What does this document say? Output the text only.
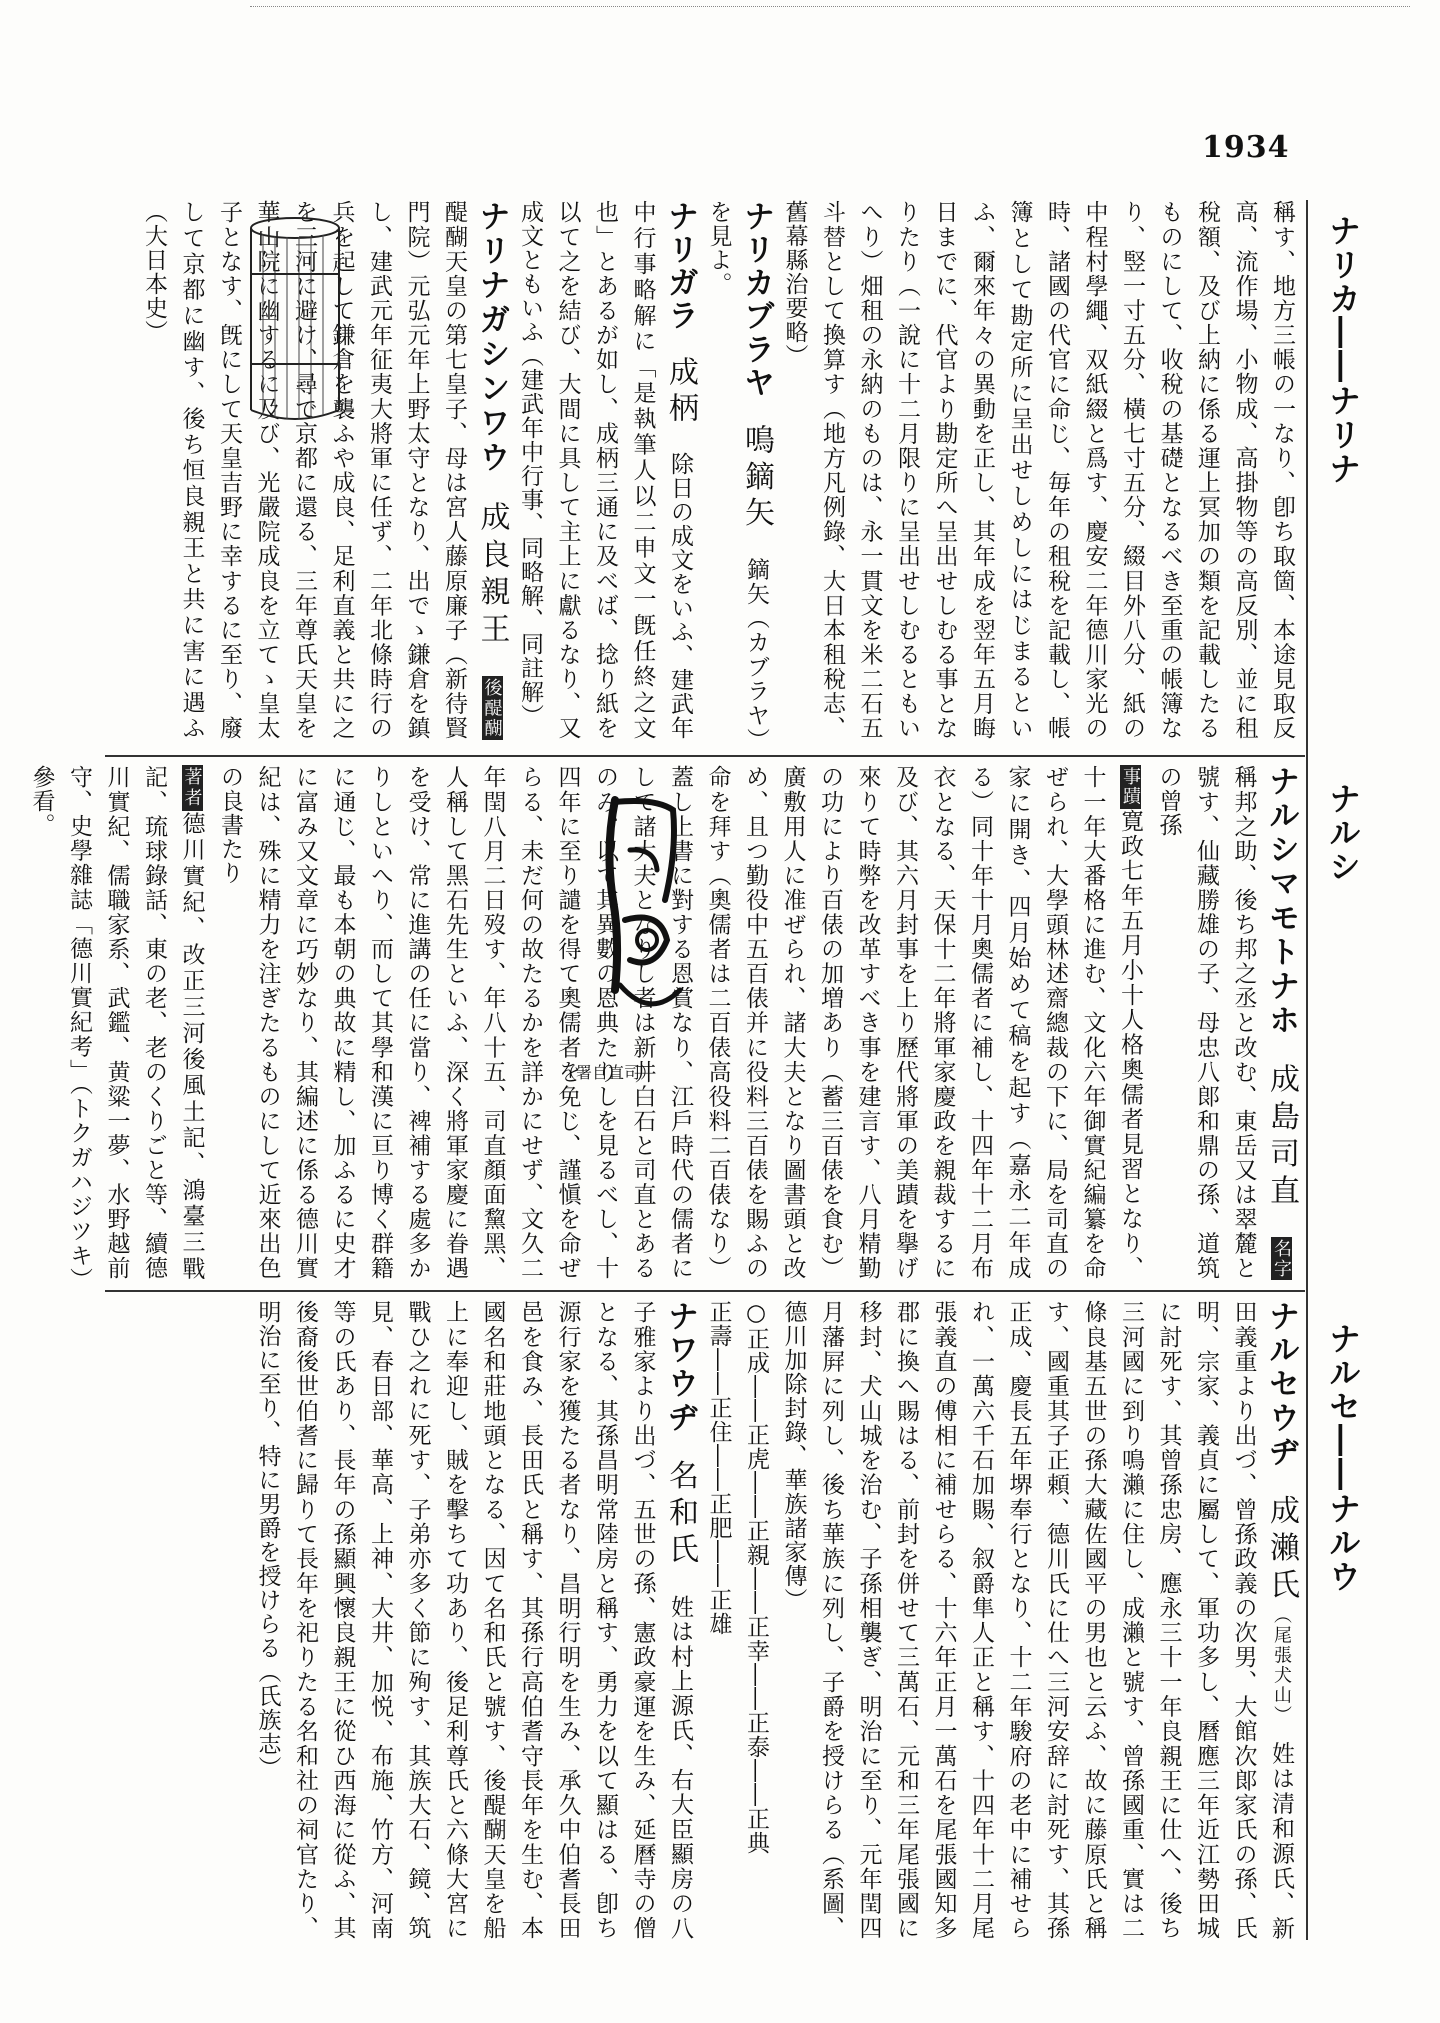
1934
ナリカ――ナリナ
ナルシ
ナルセ――ナルウ

稱す、地方三帳の一なり、卽ち取箇、本途見取反高、流作場、小物成、高掛物等の高反別、並に租稅額、及び上納に係る運上冥加の類を記載したるものにして、收稅の基礎となるべき至重の帳簿なり、竪一寸五分、橫七寸五分、綴目外八分、紙の中程村學繩、双紙綴と爲す、慶安二年德川家光の時、諸國の代官に命じ、毎年の租稅を記載し、帳簿として勘定所に呈出せしめしにはじまるといふ、爾來年々の異動を正し、其年成を翌年五月晦日までに、代官より勘定所へ呈出せしむる事となりたり（一說に十二月限りに呈出せしむるともいへり）畑租の永納のものは、永一貫文を米二石五斗替として換算す（地方凡例錄、大日本租稅志、舊幕縣治要略）

ナリカブラヤ　鳴鏑矢　鏑矢（カブラヤ）を見よ。

ナリガラ　成柄　除日の成文をいふ、建武年中行事略解に「是執筆人以二申文一旣任終之文也」とあるが如し、成柄三通に及べば、捻り紙を以て之を結び、大間に具して主上に獻るなり、又成文ともいふ（建武年中行事、同略解、同註解）

ナリナガシンワウ　成良親王　後醍醐醍醐天皇の第七皇子、母は宮人藤原廉子（新待賢門院）元弘元年上野太守となり、出でゝ鎌倉を鎮し、建武元年征夷大將軍に任ず、二年北條時行の兵を起して鎌倉を襲ふや成良、足利直義と共に之を三河に避け、尋で京都に還る、三年尊氏天皇を華山院に幽するに及び、光嚴院成良を立てゝ皇太子となす、旣にして天皇吉野に幸するに至り、廢して京都に幽す、後ち恒良親王と共に害に遇ふ（大日本史）

ナルシマモトナホ　成島司直　名字稱邦之助、後ち邦之丞と改む、東岳又は翠麓と號す、仙藏勝雄の子、母忠八郞和鼎の孫、道筑の曾孫

事蹟寛政七年五月小十人格奧儒者見習となり、十一年大番格に進む、文化六年御實紀編纂を命ぜられ、大學頭林述齋總裁の下に、局を司直の家に開き、四月始めて稿を起す（嘉永二年成る）同十年十月奧儒者に補し、十四年十二月布衣となる、天保十二年將軍家慶政を親裁するに及び、其六月封事を上り歷代將軍の美蹟を擧げ來りて時弊を改革すべき事を建言す、八月精勤の功により百俵の加増あり（蓄三百俵を食む）廣敷用人に准ぜられ、諸大夫となり圖書頭と改め、且つ勤役中五百俵并に役料三百俵を賜ふの命を拜す（奧儒者は二百俵高役料二百俵なり）蓋し上書に對する恩賞なり、江戶時代の儒者にして諸大夫となりし者は新井白石と司直とあるのみ、以て其異數の恩典たりしを見るべし、十四年に至り譴を得て奧儒者を免じ、謹愼を命ぜらる、未だ何の故たるかを詳かにせず、文久二年閏八月二日歿す、年八十五、司直顏面黧黑、人稱して黑石先生といふ、深く將軍家慶に眷遇を受け、常に進講の任に當り、裨補する處多かりしといへり、而して其學和漢に亘り博く群籍に通じ、最も本朝の典故に精し、加ふるに史才に富み又文章に巧妙なり、其編述に係る德川實紀は、殊に精力を注ぎたるものにして近來出色の良書たり

著者德川實紀、改正三河後風土記、鴻臺三戰記、琉球錄話、東の老、老のくりごと等、續德川實紀、儒職家系、武鑑、黄粱一夢、水野越前守、史學雜誌「德川實紀考」（トクガハジツキ）參看。

（署自直司）

ナルセウヂ　成瀨氏（尾張犬山）　姓は清和源氏、新田義重より出づ、曾孫政義の次男、大館次郞家氏の孫、氏明、宗家、義貞に屬して、軍功多し、曆應三年近江勢田城に討死す、其曾孫忠房、應永三十一年良親王に仕へ、後ち三河國に到り鳴瀨に住し、成瀨と號す、曾孫國重、實は二條良基五世の孫大藏佐國平の男也と云ふ、故に藤原氏と稱す、國重其子正頼、德川氏に仕へ三河安辞に討死す、其孫正成、慶長五年堺奉行となり、十二年駿府の老中に補せられ、一萬六千石加賜、叙爵隼人正と稱す、十四年十二月尾張義直の傅相に補せらる、十六年正月一萬石を尾張國知多郡に換へ賜はる、前封を併せて三萬石、元和三年尾張國に移封、犬山城を治む、子孫相襲ぎ、明治に至り、元年閏四月藩屛に列し、後ち華族に列し、子爵を授けらる（系圖、德川加除封錄、華族諸家傳）

○正成――正虎――正親――正幸――正泰――正典

正壽――正住――正肥――正雄

ナワウヂ　名和氏　姓は村上源氏、右大臣顯房の八子雅家より出づ、五世の孫、憲政豪運を生み、延曆寺の僧となる、其孫昌明常陸房と稱す、勇力を以て顯はる、卽ち源行家を獲たる者なり、昌明行明を生み、承久中伯耆長田邑を食み、長田氏と稱す、其孫行高伯耆守長年を生む、本國名和莊地頭となる、因て名和氏と號す、後醍醐天皇を船上に奉迎し、賊を擊ちて功あり、後足利尊氏と六條大宮に戰ひ之れに死す、子弟亦多く節に殉す、其族大石、鏡、筑見、春日部、華高、上神、大井、加悦、布施、竹方、河南等の氏あり、長年の孫顯興懷良親王に從ひ西海に從ふ、其後裔後世伯耆に歸りて長年を祀りたる名和社の祠官たり、明治に至り、特に男爵を授けらる（氏族志）
